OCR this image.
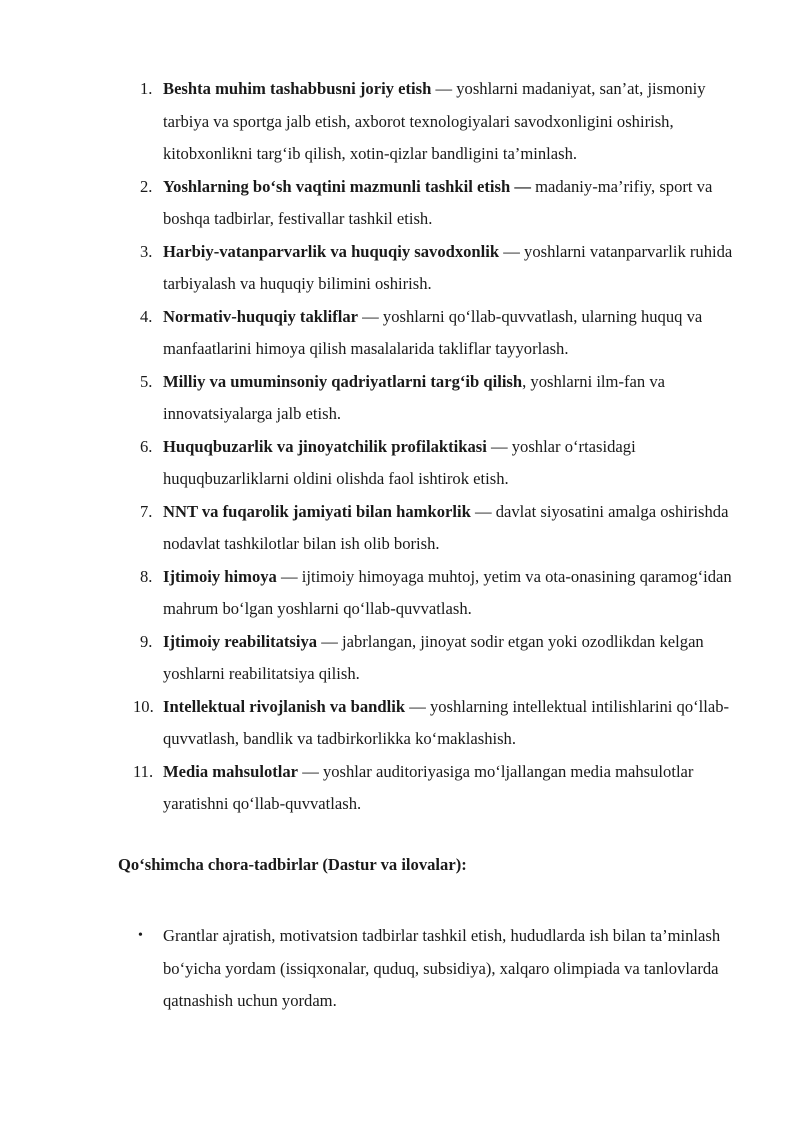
1. Beshta muhim tashabbusni joriy etish — yoshlarni madaniyat, san’at, jismoniy tarbiya va sportga jalb etish, axborot texnologiyalari savodxonligini oshirish, kitobxonlikni targ‘ib qilish, xotin-qizlar bandligini ta’minlash.
2. Yoshlarning bo‘sh vaqtini mazmunli tashkil etish — madaniy-ma’rifiy, sport va boshqa tadbirlar, festivallar tashkil etish.
3. Harbiy-vatanparvarlik va huquqiy savodxonlik — yoshlarni vatanparvarlik ruhida tarbiyalash va huquqiy bilimini oshirish.
4. Normativ-huquqiy takliflar — yoshlarni qo‘llab-quvvatlash, ularning huquq va manfaatlarini himoya qilish masalalarida takliflar tayyorlash.
5. Milliy va umuminsoniy qadriyatlarni targ‘ib qilish, yoshlarni ilm-fan va innovatsiyalarga jalb etish.
6. Huquqbuzarlik va jinoyatchilik profilaktikasi — yoshlar o‘rtasidagi huquqbuzarliklarni oldini olishda faol ishtirok etish.
7. NNT va fuqarolik jamiyati bilan hamkorlik — davlat siyosatini amalga oshirishda nodavlat tashkilotlar bilan ish olib borish.
8. Ijtimoiy himoya — ijtimoiy himoyaga muhtoj, yetim va ota-onasining qaramog‘idan mahrum bo‘lgan yoshlarni qo‘llab-quvvatlash.
9. Ijtimoiy reabilitatsiya — jabrlangan, jinoyat sodir etgan yoki ozodlikdan kelgan yoshlarni reabilitatsiya qilish.
10. Intellektual rivojlanish va bandlik — yoshlarning intellektual intilishlarini qo‘llab-quvvatlash, bandlik va tadbirkorlikka ko‘maklashish.
11. Media mahsulotlar — yoshlar auditoriyasiga mo‘ljallangan media mahsulotlar yaratishni qo‘llab-quvvatlash.

Qo‘shimcha chora-tadbirlar (Dastur va ilovalar):

• Grantlar ajratish, motivatsion tadbirlar tashkil etish, hududlarda ish bilan ta’minlash bo‘yicha yordam (issiqxonalar, quduq, subsidiya), xalqaro olimpiada va tanlovlarda qatnashish uchun yordam.
